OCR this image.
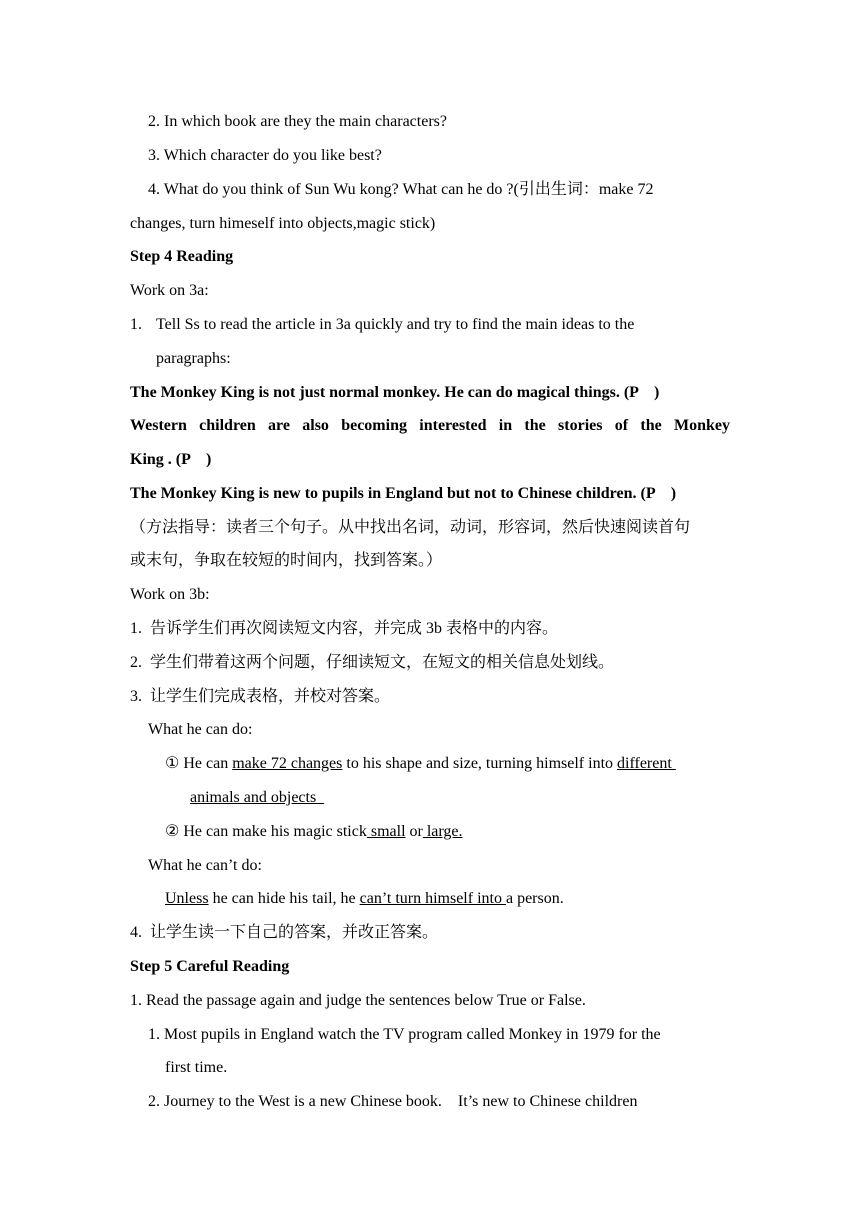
2. In which book are they the main characters?
3. Which character do you like best?
4. What do you think of Sun Wu kong? What can he do ?(引出生词：make 72
changes, turn himeself into objects,magic stick)
Step 4 Reading
Work on 3a:
1. Tell Ss to read the article in 3a quickly and try to find the main ideas to the
paragraphs:
The Monkey King is not just normal monkey. He can do magical things. (P    )
Western children are also becoming interested in the stories of the Monkey
King . (P    )
The Monkey King is new to pupils in England but not to Chinese children. (P    )
（方法指导：读者三个句子。从中找出名词，动词，形容词，然后快速阅读首句
或末句，争取在较短的时间内，找到答案。）
Work on 3b:
1.  告诉学生们再次阅读短文内容，并完成 3b 表格中的内容。
2.  学生们带着这两个问题，仔细读短文，在短文的相关信息处划线。
3.  让学生们完成表格，并校对答案。
What he can do:
① He can make 72 changes to his shape and size, turning himself into different
animals and objects
② He can make his magic stick small or large.
What he can’t do:
Unless he can hide his tail, he can’t turn himself into a person.
4.  让学生读一下自己的答案，并改正答案。
Step 5 Careful Reading
1. Read the passage again and judge the sentences below True or False.
1. Most pupils in England watch the TV program called Monkey in 1979 for the
first time.
2. Journey to the West is a new Chinese book.    It’s new to Chinese children
